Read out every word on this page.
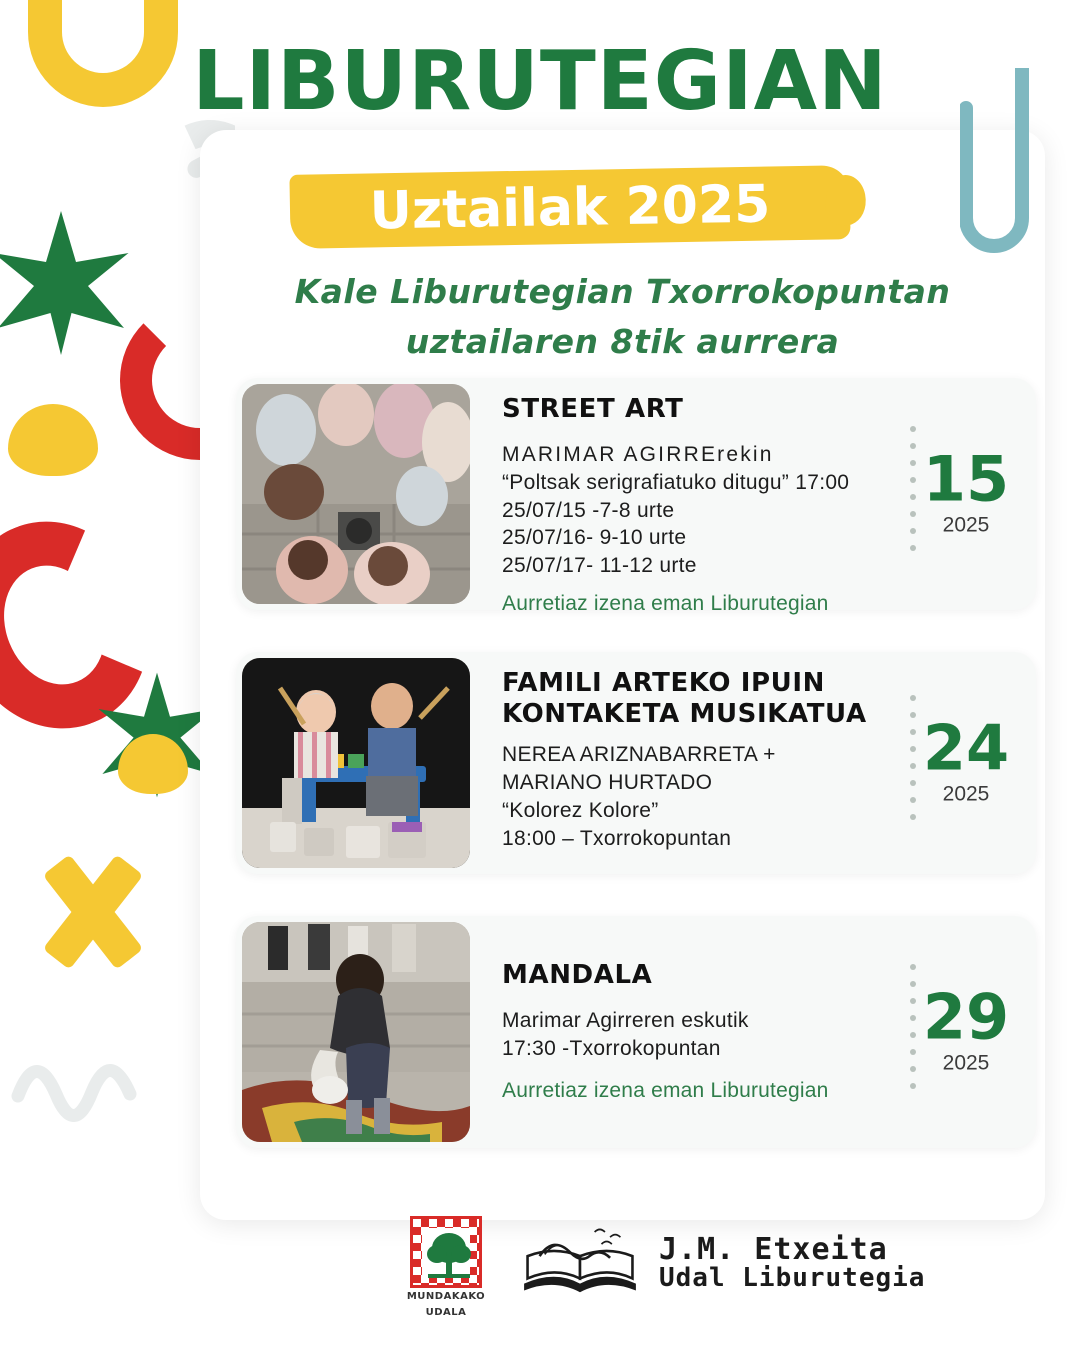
LIBURUTEGIAN
Uztailak 2025
Kale Liburutegian Txorrokopuntan
uztailaren 8tik aurrera
STREET ART
MARIMAR AGIRRErekin
“Poltsak serigrafiatuko ditugu” 17:00
25/07/15 -7-8 urte
25/07/16- 9-10 urte
25/07/17- 11-12 urte
Aurretiaz izena eman Liburutegian
15
2025
FAMILI ARTEKO IPUIN KONTAKETA MUSIKATUA
NEREA ARIZNABARRETA +
MARIANO HURTADO
“Kolorez Kolore”
18:00 – Txorrokopuntan
24
2025
MANDALA
Marimar Agirreren eskutik
17:30 -Txorrokopuntan
Aurretiaz izena eman Liburutegian
29
2025
MUNDAKAKO
UDALA
J.M. Etxeita
Udal Liburutegia
